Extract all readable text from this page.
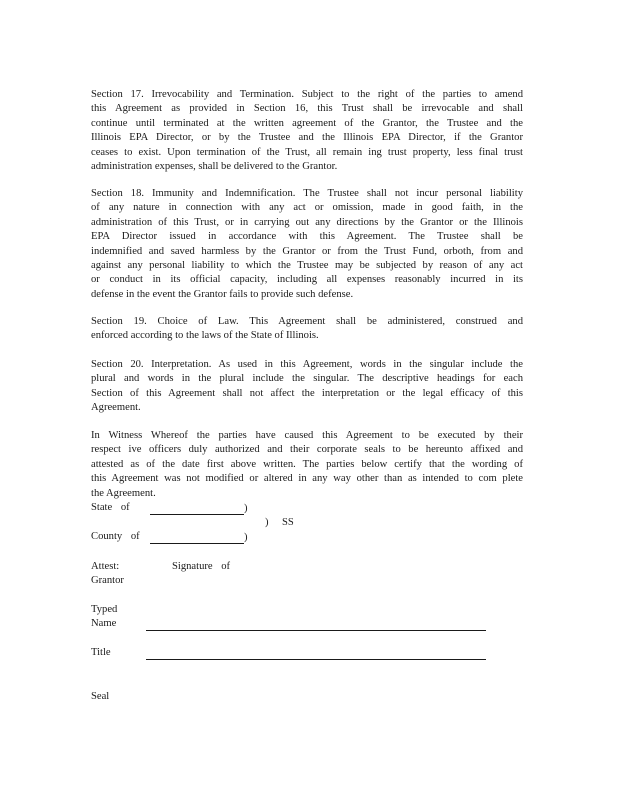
Section 17. Irrevocability and Termination. Subject to the right of the parties to amend
this Agreement as provided in Section 16, this Trust shall be irrevocable and shall
continue until terminated at the written agreement of the Grantor, the Trustee and the
Illinois EPA Director, or by the Trustee and the Illinois EPA Director, if the Grantor
ceases to exist. Upon termination of the Trust, all remain ing trust property, less final trust
administration expenses, shall be delivered to the Grantor.
Section 18. Immunity and Indemnification. The Trustee shall not incur personal liability
of any nature in connection with any act or omission, made in good faith, in the
administration of this Trust, or in carrying out any directions by the Grantor or the Illinois
EPA Director issued in accordance with this Agreement. The Trustee shall be
indemnified and saved harmless by the Grantor or from the Trust Fund, orboth, from and
against any personal liability to which the Trustee may be subjected by reason of any act
or conduct in its official capacity, including all expenses reasonably incurred in its
defense in the event the Grantor fails to provide such defense.
Section 19. Choice of Law. This Agreement shall be administered, construed and
enforced according to the laws of the State of Illinois.
Section 20. Interpretation. As used in this Agreement, words in the singular include the
plural and words in the plural include the singular. The descriptive headings for each
Section of this Agreement shall not affect the interpretation or the legal efficacy of this
Agreement.
In Witness Whereof the parties have caused this Agreement to be executed by their
respect ive officers duly authorized and their corporate seals to be hereunto affixed and
attested as of the date first above written. The parties below certify that the wording of
this Agreement was not modified or altered in any way other than as intended to com plete
the Agreement.
State of	)
) SS
County of	)
Attest:
Grantor
Signature of
Typed
Name
Title
Seal
